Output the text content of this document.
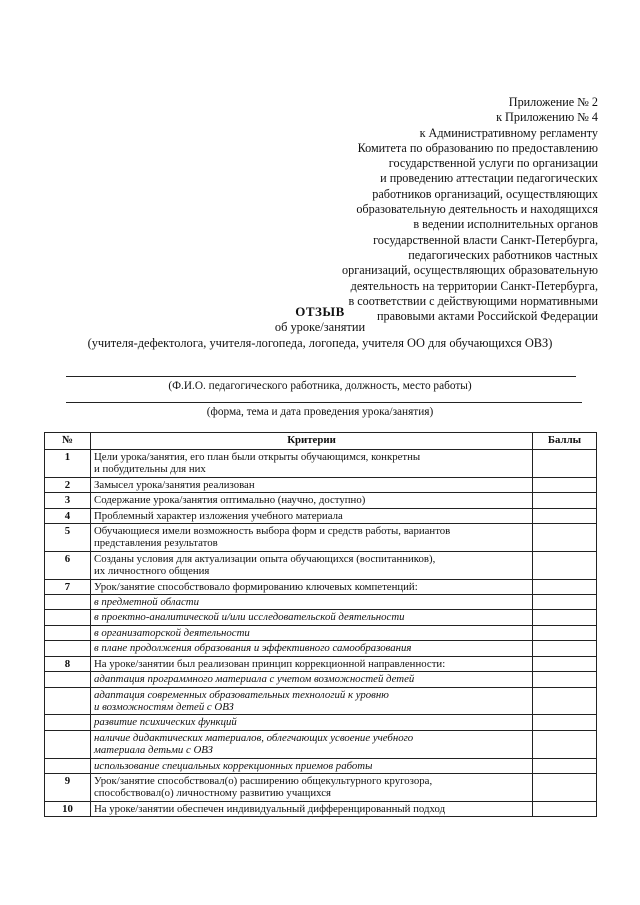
Приложение № 2
к Приложению № 4
к Административному регламенту
Комитета по образованию по предоставлению
государственной услуги по организации
и проведению аттестации педагогических
работников организаций, осуществляющих
образовательную деятельность и находящихся
в ведении исполнительных органов
государственной власти Санкт-Петербурга,
педагогических работников частных
организаций, осуществляющих образовательную
деятельность на территории Санкт-Петербурга,
в соответствии с действующими нормативными
правовыми актами Российской Федерации
ОТЗЫВ
об уроке/занятии
(учителя-дефектолога, учителя-логопеда, логопеда, учителя ОО для обучающихся ОВЗ)
(Ф.И.О. педагогического работника, должность, место работы)
(форма, тема и дата проведения урока/занятия)
№	Критерии	Баллы
1	Цели урока/занятия, его план были открыты обучающимся, конкретны
и побудительны для них	
2	Замысел урока/занятия реализован	
3	Содержание урока/занятия оптимально (научно, доступно)	
4	Проблемный характер изложения учебного материала	
5	Обучающиеся имели возможность выбора форм и средств работы, вариантов
представления результатов	
6	Созданы условия для актуализации опыта обучающихся (воспитанников),
их личностного общения	
7	Урок/занятие способствовало формированию ключевых компетенций:	
	в предметной области	
	в проектно-аналитической и/или исследовательской деятельности	
	в организаторской деятельности	
	в плане продолжения образования и эффективного самообразования	
8	На уроке/занятии был реализован принцип коррекционной направленности:	
	адаптация программного материала с учетом возможностей детей	
	адаптация современных образовательных технологий к уровню
и возможностям детей с ОВЗ	
	развитие психических функций	
	наличие дидактических материалов, облегчающих усвоение учебного
материала детьми с ОВЗ	
	использование специальных коррекционных приемов работы	
9	Урок/занятие способствовал(о) расширению общекультурного кругозора,
способствовал(о) личностному развитию учащихся	
10	На уроке/занятии обеспечен индивидуальный дифференцированный подход	
